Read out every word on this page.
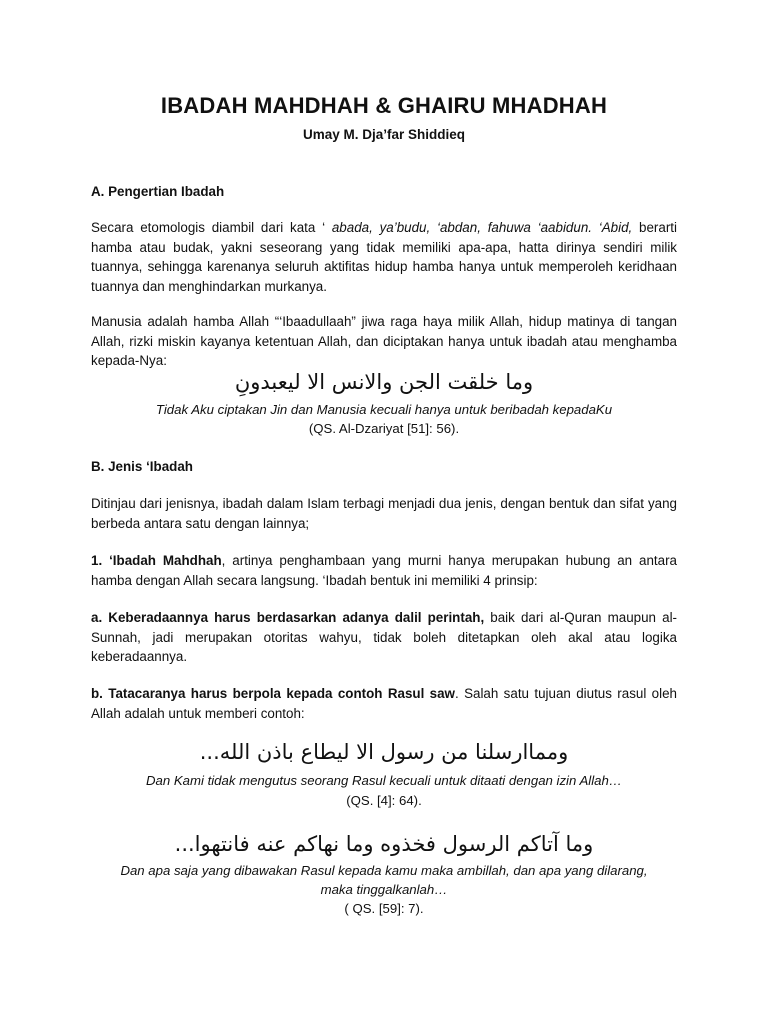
IBADAH MAHDHAH & GHAIRU MHADHAH
Umay M. Dja’far Shiddieq
A. Pengertian Ibadah
Secara etomologis diambil dari kata ‘ abada, ya’budu, ‘abdan, fahuwa ‘aabidun. ‘Abid, berarti hamba atau budak, yakni seseorang yang tidak memiliki apa-apa, hatta dirinya sendiri milik tuannya, sehingga karenanya seluruh aktifitas hidup hamba hanya untuk memperoleh keridhaan tuannya dan menghindarkan murkanya.
Manusia adalah hamba Allah “‘Ibaadullaah” jiwa raga haya milik Allah, hidup matinya di tangan Allah, rizki miskin kayanya ketentuan Allah, dan diciptakan hanya untuk ibadah atau menghamba kepada-Nya:
وما خلقت الجن والانس الا ليعبدونِ
Tidak Aku ciptakan Jin dan Manusia kecuali hanya untuk beribadah kepadaKu
(QS. Al-Dzariyat [51]: 56).
B. Jenis ‘Ibadah
Ditinjau dari jenisnya, ibadah dalam Islam terbagi menjadi dua jenis, dengan bentuk dan sifat yang berbeda antara satu dengan lainnya;
1. ‘Ibadah Mahdhah, artinya penghambaan yang murni hanya merupakan hubung an antara hamba dengan Allah secara langsung. ‘Ibadah bentuk ini memiliki 4 prinsip:
a. Keberadaannya harus berdasarkan adanya dalil perintah, baik dari al-Quran maupun al-Sunnah, jadi merupakan otoritas wahyu, tidak boleh ditetapkan oleh akal atau logika keberadaannya.
b. Tatacaranya harus berpola kepada contoh Rasul saw. Salah satu tujuan diutus rasul oleh Allah adalah untuk memberi contoh:
ومماارسلنا من رسول الا ليطاع باذن الله...
Dan Kami tidak mengutus seorang Rasul kecuali untuk ditaati dengan izin Allah…
(QS. [4]: 64).
وما آتاكم الرسول فخذوه وما نهاكم عنه فانتهوا...
Dan apa saja yang dibawakan Rasul kepada kamu maka ambillah, dan apa yang dilarang,
maka tinggalkanlah…
( QS. [59]: 7).
